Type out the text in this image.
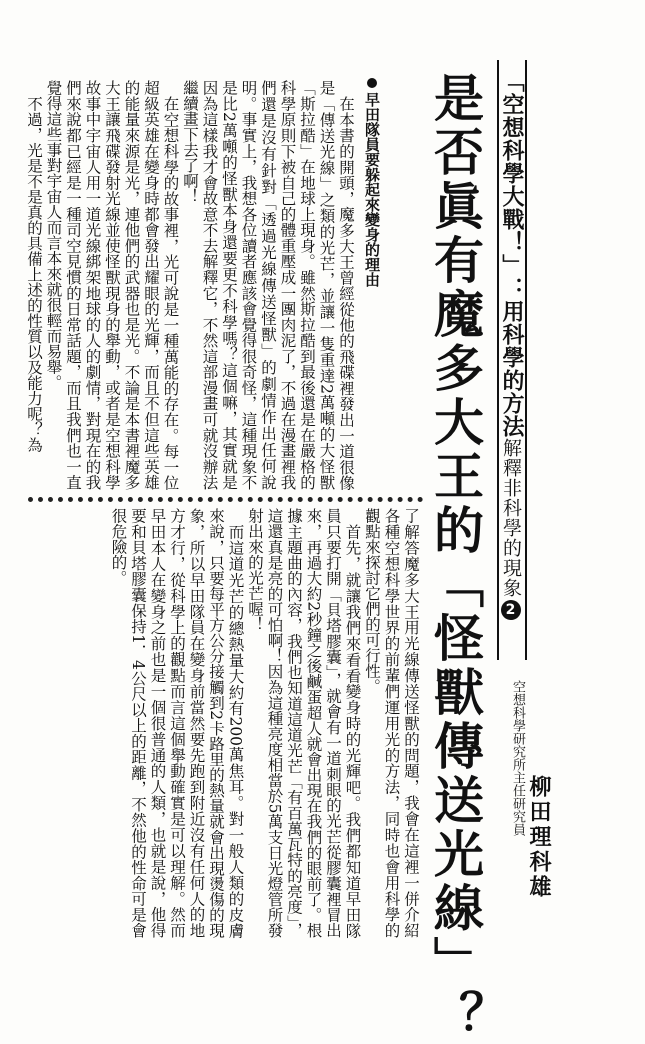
「空想科學大戰！」：用科學的方法解釋非科學的現象2
是否眞有魔多大王的「怪獸傳送光線」？ 空想科學研究所主任研究員
柳田理科雄
早田隊員要躲起來變身的理由

在本書的開頭，魔多大王曾經從他的飛碟裡發出一道很像是「傳送光線」之類的光芒，並讓一隻重達2萬噸的大怪獸「斯拉酷」在地球上現身。雖然斯拉酷到最後還是在嚴格的科學原則下被自己的體重壓成一團肉泥了，不過在漫畫裡我們還是沒有針對「透過光線傳送怪獸」的劇情作出任何說明。事實上，我想各位讀者應該會覺得很奇怪，這種現象不是比2萬噸的怪獸本身還要更不科學嗎？這個嘛，其實就是因為這樣我才會故意不去解釋它，不然這部漫畫可就沒辦法繼續畫下去了啊！

在空想科學的故事裡，光可說是一種萬能的存在。每一位超級英雄在變身時都會發出耀眼的光輝，而且不但這些英雄的能量來源是光，連他們的武器也是光。不論是本書裡魔多大王讓飛碟發射光線並使怪獸現身的舉動，或者是空想科學故事中宇宙人用一道光線綁架地球的人的劇情，對現在的我們來說都已經是一種司空見慣的日常話題，而且我們也一直覺得這些事對宇宙人而言本來就很輕而易舉。

不過，光是不是真的具備上述的性質以及能力呢？為

了解答魔多大王用光線傳送怪獸的問題，我會在這裡一併介紹各種空想科學世界的前輩們運用光的方法，同時也會用科學的觀點來探討它們的可行性。

首先，就讓我們來看看變身時的光輝吧。我們都知道早田隊員只要打開「貝塔膠囊」，就會有一道刺眼的光芒從膠囊裡冒出來，再過大約2秒鐘之後鹹蛋超人就會出現在我們的眼前了。根據主題曲的內容，我們也知道這道光芒「有百萬瓦特的亮度」，這還真是亮的可怕啊！因為這種亮度相當於5萬支日光燈管所發射出來的光芒喔！

而這道光芒的總熱量大約有200萬焦耳。對一般人類的皮膚來說，只要每平方公分接觸到2卡路里的熱量就會出現燙傷的現象，所以早田隊員在變身前當然要先跑到附近沒有任何人的地方才行，從科學上的觀點而言這個舉動確實是可以理解。然而早田本人在變身之前也是一個很普通的人類，也就是說，他得要和貝塔膠囊保持1．4公尺以上的距離，不然他的性命可是會很危險的。
